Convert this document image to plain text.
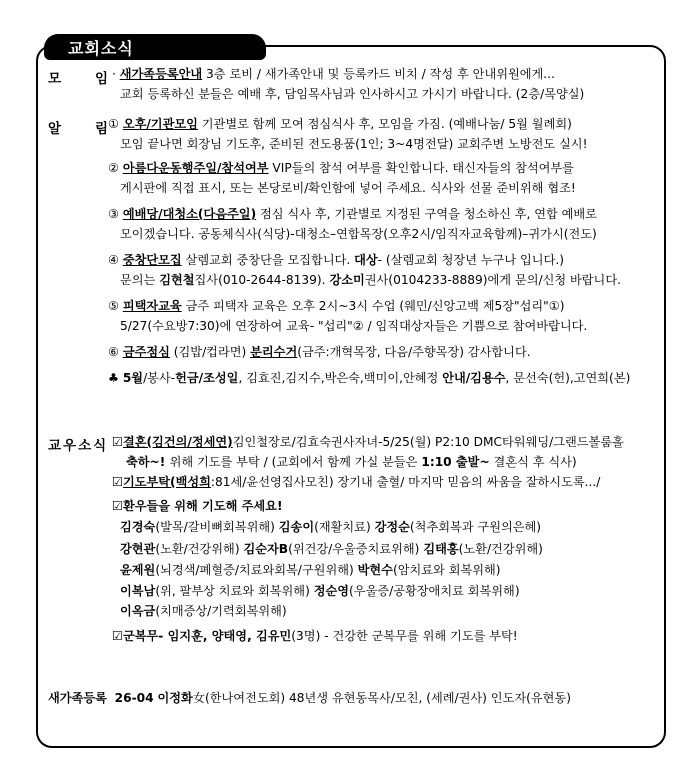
교회소식
모	임
알	림
교우소식
· 새가족등록안내 3층 로비 / 새가족안내 및 등록카드 비치 / 작성 후 안내위원에게...
교회 등록하신 분들은 예배 후, 담임목사님과 인사하시고 가시기 바랍니다. (2층/목양실)
① 오후/기관모임 기관별로 함께 모여 점심식사 후, 모임을 가짐. (예배나눔/ 5월 월례회)
모임 끝나면 회장님 기도후, 준비된 전도용품(1인; 3~4명전달) 교회주변 노방전도 실시!
② 아름다운동행주일/참석여부 VIP들의 참석 여부를 확인합니다. 태신자들의 참석여부를
게시판에 직접 표시, 또는 본당로비/확인함에 넣어 주세요. 식사와 선물 준비위해 협조!
③ 예배당/대청소(다음주일) 점심 식사 후, 기관별로 지정된 구역을 청소하신 후, 연합 예배로
모이겠습니다. 공동체식사(식당)-대청소–연합목장(오후2시/임직자교육함께)–귀가시(전도)
④ 중창단모집 살렘교회 중창단을 모집합니다. 대상- (살렘교회 청장년 누구나 입니다.)
문의는 김현철집사(010-2644-8139). 강소미권사(0104233-8889)에게 문의/신청 바랍니다.
⑤ 피택자교육 금주 피택자 교육은 오후 2시~3시 수업 (웨민/신앙고백 제5장"섭리"①)
5/27(수요방7:30)에 연장하여 교육- "섭리"② / 임직대상자들은 기쁨으로 참여바랍니다.
⑥ 금주점심 (김밥/컵라면) 분리수거(금주:개혁목장, 다음/주향목장) 감사합니다.
♣ 5월/봉사-헌금/조성일, 김효진,김지수,박은숙,백미이,안혜정 안내/김용수, 문선숙(헌),고연희(본)
☑결혼(김건의/정세연)김인철장로/김효숙권사자녀-5/25(월) P2:10 DMC타워웨딩/그랜드볼룸홀
축하~! 위해 기도를 부탁 / (교회에서 함께 가실 분들은 1:10 출발~ 결혼식 후 식사)
☑기도부탁(백성희:81세/윤선영집사모친) 장기내 출혈/ 마지막 믿음의 싸움을 잘하시도록.../
☑환우들을 위해 기도해 주세요!
김경숙(발목/갈비뼈회복위해) 김송이(재활치료) 강정순(척추회복과 구원의은혜)
강현관(노환/건강위해) 김순자B(위건강/우울증치료위해) 김태홍(노환/건강위해)
윤제원(뇌경색/폐혈증/치료와회복/구원위해) 박현수(암치료와 회복위해)
이복남(위, 팔부상 치료와 회복위해) 정순영(우울증/공황장애치료 회복위해)
이옥금(치매증상/기력회복위해)
☑군복무- 임지훈, 양태영, 김유민(3명) - 건강한 군복무를 위해 기도를 부탁!
새가족등록 26-04 이정화女(한나여전도회) 48년생 유현동목사/모친, (세례/권사) 인도자(유현동)
